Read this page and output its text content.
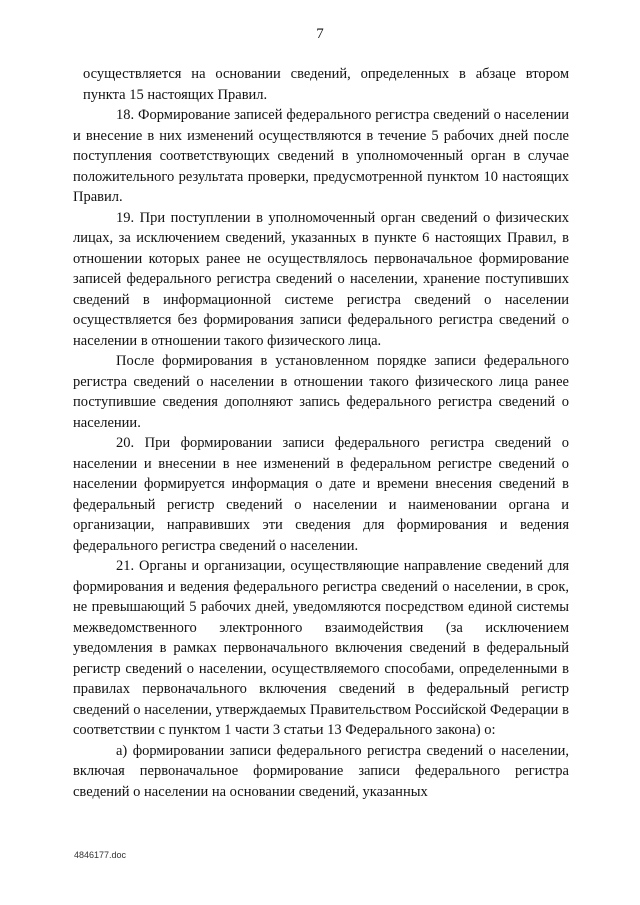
7

осуществляется на основании сведений, определенных в абзаце втором пункта 15 настоящих Правил.

18. Формирование записей федерального регистра сведений о населении и внесение в них изменений осуществляются в течение 5 рабочих дней после поступления соответствующих сведений в уполномоченный орган в случае положительного результата проверки, предусмотренной пунктом 10 настоящих Правил.

19. При поступлении в уполномоченный орган сведений о физических лицах, за исключением сведений, указанных в пункте 6 настоящих Правил, в отношении которых ранее не осуществлялось первоначальное формирование записей федерального регистра сведений о населении, хранение поступивших сведений в информационной системе регистра сведений о населении осуществляется без формирования записи федерального регистра сведений о населении в отношении такого физического лица.

После формирования в установленном порядке записи федерального регистра сведений о населении в отношении такого физического лица ранее поступившие сведения дополняют запись федерального регистра сведений о населении.

20. При формировании записи федерального регистра сведений о населении и внесении в нее изменений в федеральном регистре сведений о населении формируется информация о дате и времени внесения сведений в федеральный регистр сведений о населении и наименовании органа и организации, направивших эти сведения для формирования и ведения федерального регистра сведений о населении.

21. Органы и организации, осуществляющие направление сведений для формирования и ведения федерального регистра сведений о населении, в срок, не превышающий 5 рабочих дней, уведомляются посредством единой системы межведомственного электронного взаимодействия (за исключением уведомления в рамках первоначального включения сведений в федеральный регистр сведений о населении, осуществляемого способами, определенными в правилах первоначального включения сведений в федеральный регистр сведений о населении, утверждаемых Правительством Российской Федерации в соответствии с пунктом 1 части 3 статьи 13 Федерального закона) о:

а) формировании записи федерального регистра сведений о населении, включая первоначальное формирование записи федерального регистра сведений о населении на основании сведений, указанных

4846177.doc
